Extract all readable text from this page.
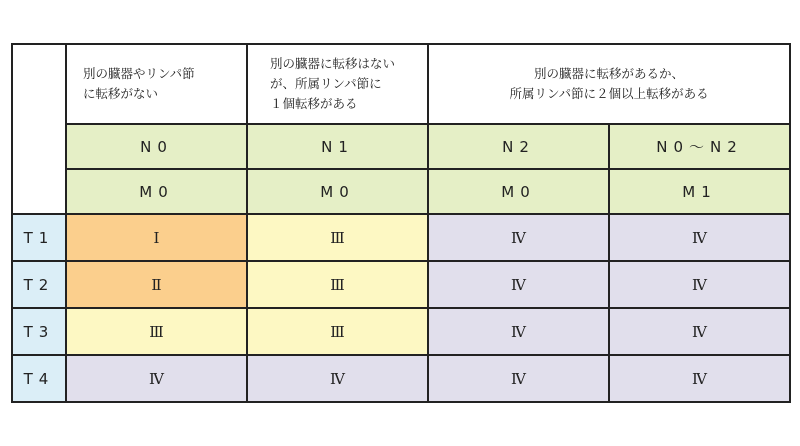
	別の臓器やリンパ節
に転移がない	別の臓器に転移はない
が、所属リンパ節に
１個転移がある	別の臓器に転移があるか、
所属リンパ節に２個以上転移がある	

	N0	N1	N2	N0〜N2
	M0	M0	M0	M1
T1	Ⅰ	Ⅲ	Ⅳ	Ⅳ
T2	Ⅱ	Ⅲ	Ⅳ	Ⅳ
T3	Ⅲ	Ⅲ	Ⅳ	Ⅳ
T4	Ⅳ	Ⅳ	Ⅳ	Ⅳ
